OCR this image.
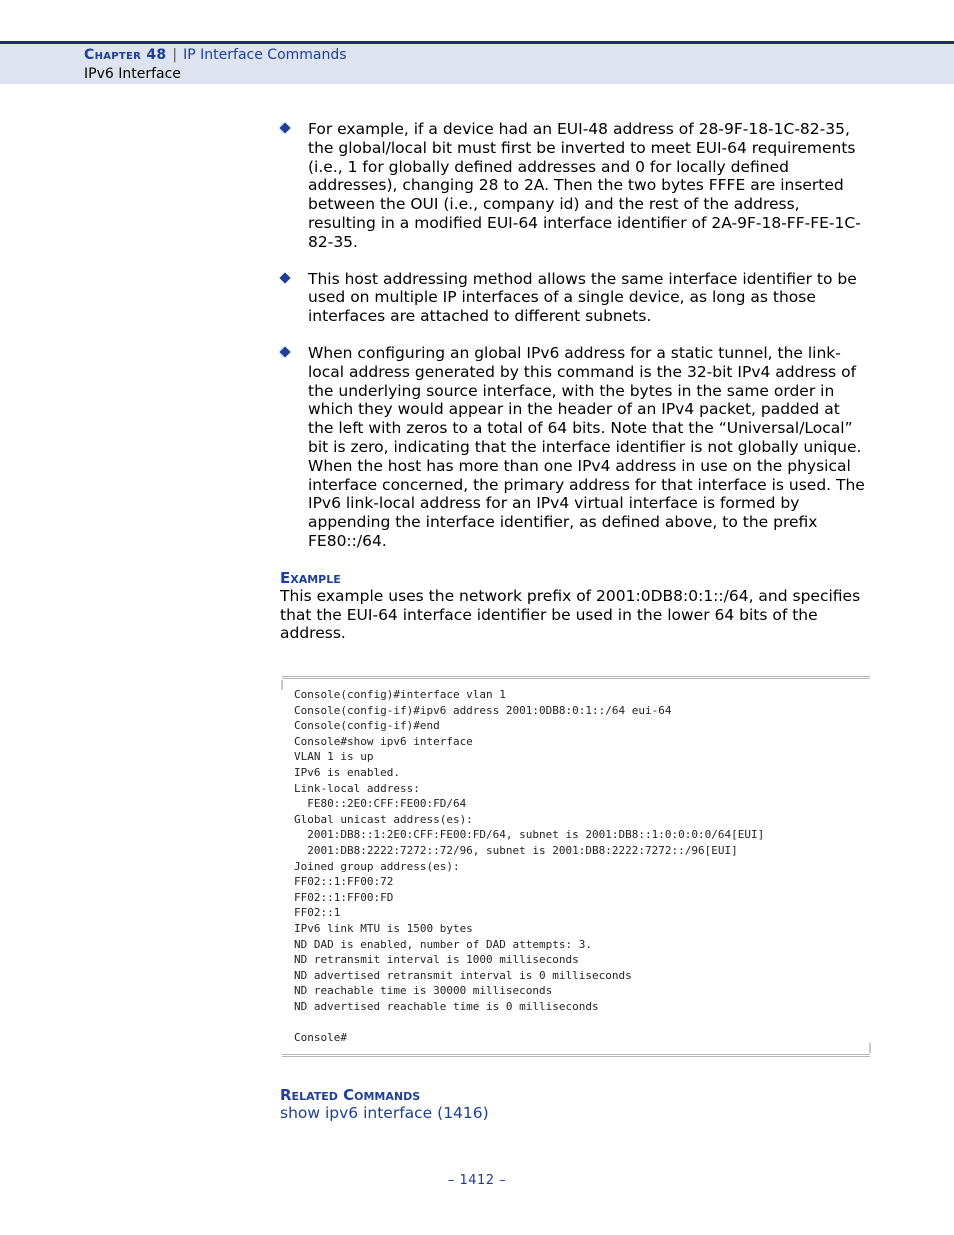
Chapter 48 | IP Interface Commands
IPv6 Interface
For example, if a device had an EUI-48 address of 28-9F-18-1C-82-35, the global/local bit must first be inverted to meet EUI-64 requirements (i.e., 1 for globally defined addresses and 0 for locally defined addresses), changing 28 to 2A. Then the two bytes FFFE are inserted between the OUI (i.e., company id) and the rest of the address, resulting in a modified EUI-64 interface identifier of 2A-9F-18-FF-FE-1C-82-35.
This host addressing method allows the same interface identifier to be used on multiple IP interfaces of a single device, as long as those interfaces are attached to different subnets.
When configuring an global IPv6 address for a static tunnel, the link-local address generated by this command is the 32-bit IPv4 address of the underlying source interface, with the bytes in the same order in which they would appear in the header of an IPv4 packet, padded at the left with zeros to a total of 64 bits. Note that the “Universal/Local” bit is zero, indicating that the interface identifier is not globally unique. When the host has more than one IPv4 address in use on the physical interface concerned, the primary address for that interface is used. The IPv6 link-local address for an IPv4 virtual interface is formed by appending the interface identifier, as defined above, to the prefix FE80::/64.
Example
This example uses the network prefix of 2001:0DB8:0:1::/64, and specifies that the EUI-64 interface identifier be used in the lower 64 bits of the address.
Console(config)#interface vlan 1
Console(config-if)#ipv6 address 2001:0DB8:0:1::/64 eui-64
Console(config-if)#end
Console#show ipv6 interface
VLAN 1 is up
IPv6 is enabled.
Link-local address:
FE80::2E0:CFF:FE00:FD/64
Global unicast address(es):
2001:DB8::1:2E0:CFF:FE00:FD/64, subnet is 2001:DB8::1:0:0:0:0/64[EUI]
2001:DB8:2222:7272::72/96, subnet is 2001:DB8:2222:7272::/96[EUI]
Joined group address(es):
FF02::1:FF00:72
FF02::1:FF00:FD
FF02::1
IPv6 link MTU is 1500 bytes
ND DAD is enabled, number of DAD attempts: 3.
ND retransmit interval is 1000 milliseconds
ND advertised retransmit interval is 0 milliseconds
ND reachable time is 30000 milliseconds
ND advertised reachable time is 0 milliseconds

Console#
Related Commands
show ipv6 interface (1416)
– 1412 –
